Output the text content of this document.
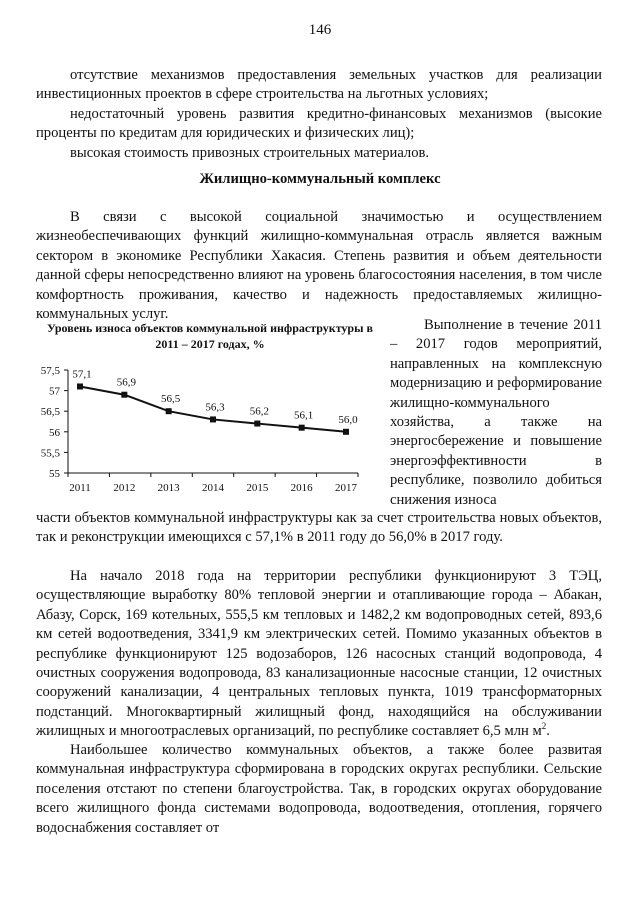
146

отсутствие механизмов предоставления земельных участков для реализации инвестиционных проектов в сфере строительства на льготных условиях;

недостаточный уровень развития кредитно-финансовых механизмов (высокие проценты по кредитам для юридических и физических лиц);

высокая стоимость привозных строительных материалов.

Жилищно-коммунальный комплекс

В связи с высокой социальной значимостью и осуществлением жизнеобеспечивающих функций жилищно-коммунальная отрасль является важным сектором в экономике Республики Хакасия. Степень развития и объем деятельности данной сферы непосредственно влияют на уровень благосостояния населения, в том числе комфортность проживания, качество и надежность предоставляемых жилищно-коммунальных услуг.

Уровень износа объектов коммунальной инфраструктуры в 2011 – 2017 годах, %
55
55,5
56
56,5
57
57,5
2011 2012 2013 2014 2015 2016 2017
57,1
56,9
56,5
56,3 56,2 56,1 56,0

Выполнение в течение 2011 – 2017 годов мероприятий, направленных на комплексную модернизацию и реформирование жилищно-коммунального хозяйства, а также на энергосбережение и повышение энергоэффективности в республике, позволило добиться снижения износа

части объектов коммунальной инфраструктуры как за счет строительства новых объектов, так и реконструкции имеющихся с 57,1% в 2011 году до 56,0% в 2017 году.

На начало 2018 года на территории республики функционируют 3 ТЭЦ, осуществляющие выработку 80% тепловой энергии и отапливающие города – Абакан, Абазу, Сорск, 169 котельных, 555,5 км тепловых и 1482,2 км водопроводных сетей, 893,6 км сетей водоотведения, 3341,9 км электрических сетей. Помимо указанных объектов в республике функционируют 125 водозаборов, 126 насосных станций водопровода, 4 очистных сооружения водопровода, 83 канализационные насосные станции, 12 очистных сооружений канализации, 4 центральных тепловых пункта, 1019 трансформаторных подстанций. Многоквартирный жилищный фонд, находящийся на обслуживании жилищных и многоотраслевых организаций, по республике составляет 6,5 млн $м^2$.

Наибольшее количество коммунальных объектов, а также более развитая коммунальная инфраструктура сформирована в городских округах республики. Сельские поселения отстают по степени благоустройства. Так, в городских округах оборудование всего жилищного фонда системами водопровода, водоотведения, отопления, горячего водоснабжения составляет от
